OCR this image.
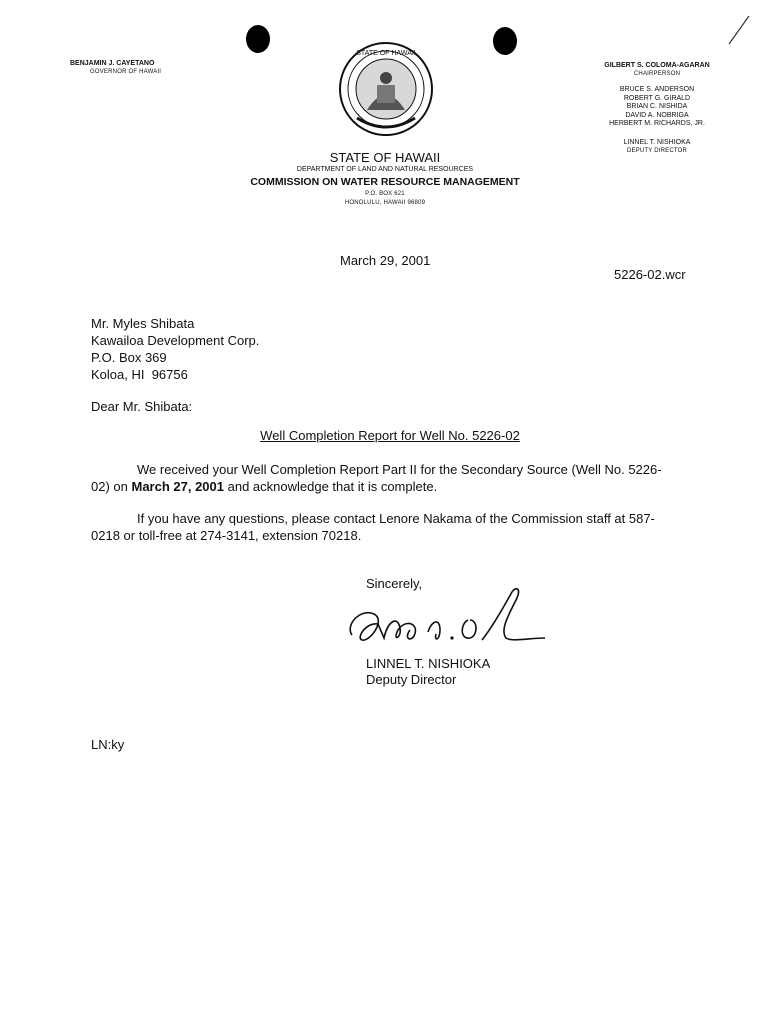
BENJAMIN J. CAYETANO
GOVERNOR OF HAWAII
STATE OF HAWAII
GILBERT S. COLOMA-AGARAN
CHAIRPERSON
BRUCE S. ANDERSON
ROBERT G. GIRALD
BRIAN C. NISHIDA
DAVID A. NOBRIGA
HERBERT M. RICHARDS, JR.
LINNEL T. NISHIOKA
DEPUTY DIRECTOR
STATE OF HAWAII
DEPARTMENT OF LAND AND NATURAL RESOURCES
COMMISSION ON WATER RESOURCE MANAGEMENT
P.O. BOX 621
HONOLULU, HAWAII 96809
March 29, 2001
5226-02.wcr
Mr. Myles Shibata
Kawailoa Development Corp.
P.O. Box 369
Koloa, HI  96756
Dear Mr. Shibata:
Well Completion Report for Well No. 5226-02
We received your Well Completion Report Part II for the Secondary Source (Well No. 5226-02) on March 27, 2001 and acknowledge that it is complete.
If you have any questions, please contact Lenore Nakama of the Commission staff at 587-0218 or toll-free at 274-3141, extension 70218.
Sincerely,
LINNEL T. NISHIOKA
Deputy Director
LN:ky
